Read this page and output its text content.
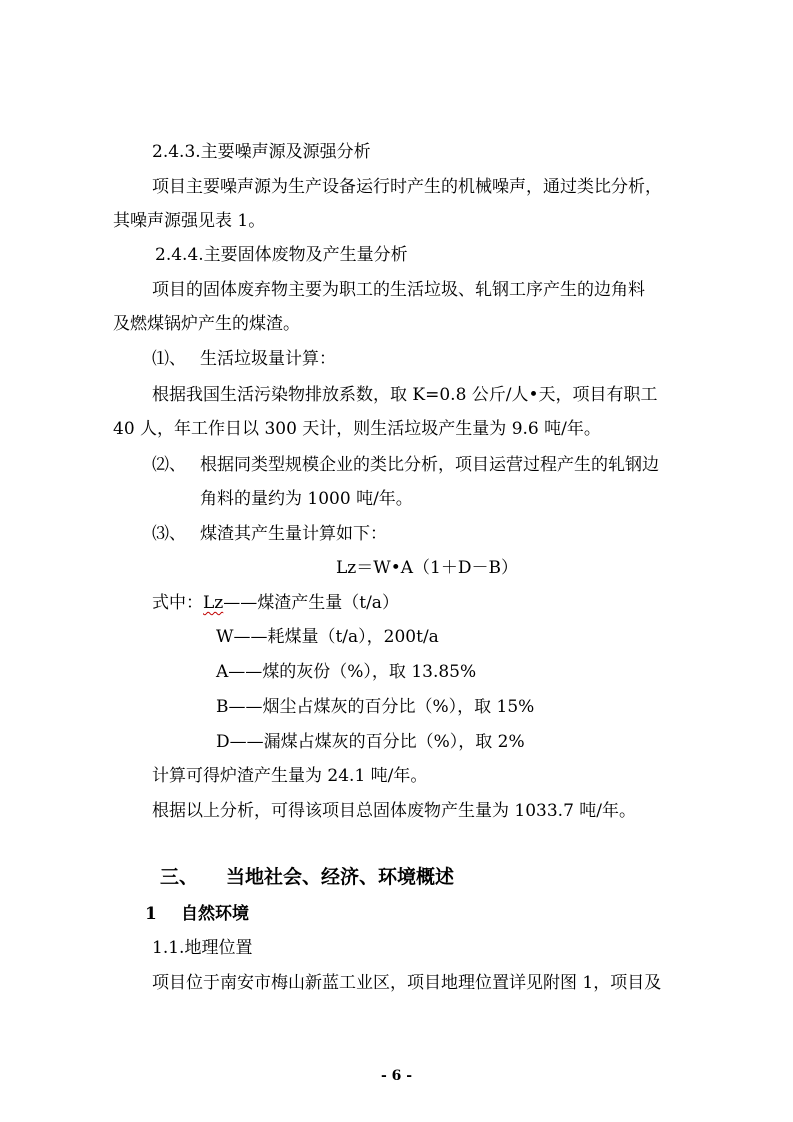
2.4.3.主要噪声源及源强分析
项目主要噪声源为生产设备运行时产生的机械噪声，通过类比分析，
其噪声源强见表 1。
2.4.4.主要固体废物及产生量分析
项目的固体废弃物主要为职工的生活垃圾、轧钢工序产生的边角料
及燃煤锅炉产生的煤渣。
⑴、 生活垃圾量计算：
根据我国生活污染物排放系数，取 K=0.8 公斤/人•天，项目有职工
40 人，年工作日以 300 天计，则生活垃圾产生量为 9.6 吨/年。
⑵、 根据同类型规模企业的类比分析，项目运营过程产生的轧钢边
角料的量约为 1000 吨/年。
⑶、 煤渣其产生量计算如下：
Lz＝W•A（1＋D－B）
式中：Lz——煤渣产生量（t/a）
W——耗煤量（t/a），200t/a
A——煤的灰份（%），取 13.85%
B——烟尘占煤灰的百分比（%），取 15%
D——漏煤占煤灰的百分比（%），取 2%
计算可得炉渣产生量为 24.1 吨/年。
根据以上分析，可得该项目总固体废物产生量为 1033.7 吨/年。
三、 当地社会、经济、环境概述
1 自然环境
1.1.地理位置
项目位于南安市梅山新蓝工业区，项目地理位置详见附图 1，项目及
- 6 -
